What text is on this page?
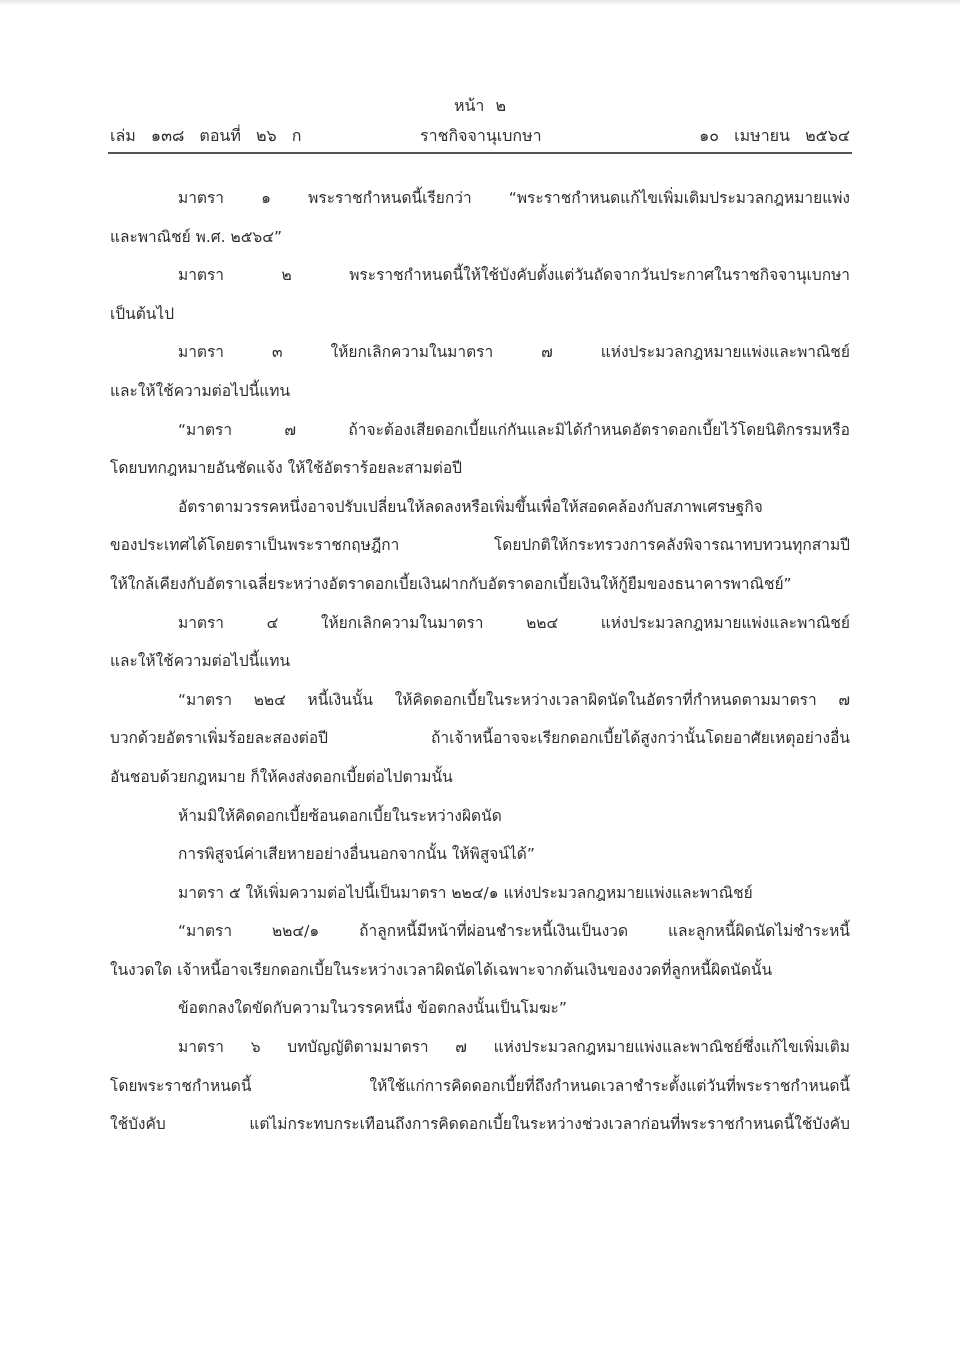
หน้า ๒
เล่ม ๑๓๘ ตอนที่ ๒๖ ก	ราชกิจจานุเบกษา	๑๐ เมษายน ๒๕๖๔
มาตรา ๑ พระราชกำหนดนี้เรียกว่า “พระราชกำหนดแก้ไขเพิ่มเติมประมวลกฎหมายแพ่ง
และพาณิชย์ พ.ศ. ๒๕๖๔”
มาตรา ๒ พระราชกำหนดนี้ให้ใช้บังคับตั้งแต่วันถัดจากวันประกาศในราชกิจจานุเบกษา
เป็นต้นไป
มาตรา ๓ ให้ยกเลิกความในมาตรา ๗ แห่งประมวลกฎหมายแพ่งและพาณิชย์
และให้ใช้ความต่อไปนี้แทน
“มาตรา ๗ ถ้าจะต้องเสียดอกเบี้ยแก่กันและมิได้กำหนดอัตราดอกเบี้ยไว้โดยนิติกรรมหรือ
โดยบทกฎหมายอันชัดแจ้ง ให้ใช้อัตราร้อยละสามต่อปี
อัตราตามวรรคหนึ่งอาจปรับเปลี่ยนให้ลดลงหรือเพิ่มขึ้นเพื่อให้สอดคล้องกับสภาพเศรษฐกิจ
ของประเทศได้โดยตราเป็นพระราชกฤษฎีกา โดยปกติให้กระทรวงการคลังพิจารณาทบทวนทุกสามปี
ให้ใกล้เคียงกับอัตราเฉลี่ยระหว่างอัตราดอกเบี้ยเงินฝากกับอัตราดอกเบี้ยเงินให้กู้ยืมของธนาคารพาณิชย์”
มาตรา ๔ ให้ยกเลิกความในมาตรา ๒๒๔ แห่งประมวลกฎหมายแพ่งและพาณิชย์
และให้ใช้ความต่อไปนี้แทน
“มาตรา ๒๒๔ หนี้เงินนั้น ให้คิดดอกเบี้ยในระหว่างเวลาผิดนัดในอัตราที่กำหนดตามมาตรา ๗
บวกด้วยอัตราเพิ่มร้อยละสองต่อปี ถ้าเจ้าหนี้อาจจะเรียกดอกเบี้ยได้สูงกว่านั้นโดยอาศัยเหตุอย่างอื่น
อันชอบด้วยกฎหมาย ก็ให้คงส่งดอกเบี้ยต่อไปตามนั้น
ห้ามมิให้คิดดอกเบี้ยซ้อนดอกเบี้ยในระหว่างผิดนัด
การพิสูจน์ค่าเสียหายอย่างอื่นนอกจากนั้น ให้พิสูจน์ได้”
มาตรา ๕ ให้เพิ่มความต่อไปนี้เป็นมาตรา ๒๒๔/๑ แห่งประมวลกฎหมายแพ่งและพาณิชย์
“มาตรา ๒๒๔/๑ ถ้าลูกหนี้มีหน้าที่ผ่อนชำระหนี้เงินเป็นงวด และลูกหนี้ผิดนัดไม่ชำระหนี้
ในงวดใด เจ้าหนี้อาจเรียกดอกเบี้ยในระหว่างเวลาผิดนัดได้เฉพาะจากต้นเงินของงวดที่ลูกหนี้ผิดนัดนั้น
ข้อตกลงใดขัดกับความในวรรคหนึ่ง ข้อตกลงนั้นเป็นโมฆะ”
มาตรา ๖ บทบัญญัติตามมาตรา ๗ แห่งประมวลกฎหมายแพ่งและพาณิชย์ซึ่งแก้ไขเพิ่มเติม
โดยพระราชกำหนดนี้ ให้ใช้แก่การคิดดอกเบี้ยที่ถึงกำหนดเวลาชำระตั้งแต่วันที่พระราชกำหนดนี้
ใช้บังคับ แต่ไม่กระทบกระเทือนถึงการคิดดอกเบี้ยในระหว่างช่วงเวลาก่อนที่พระราชกำหนดนี้ใช้บังคับ
